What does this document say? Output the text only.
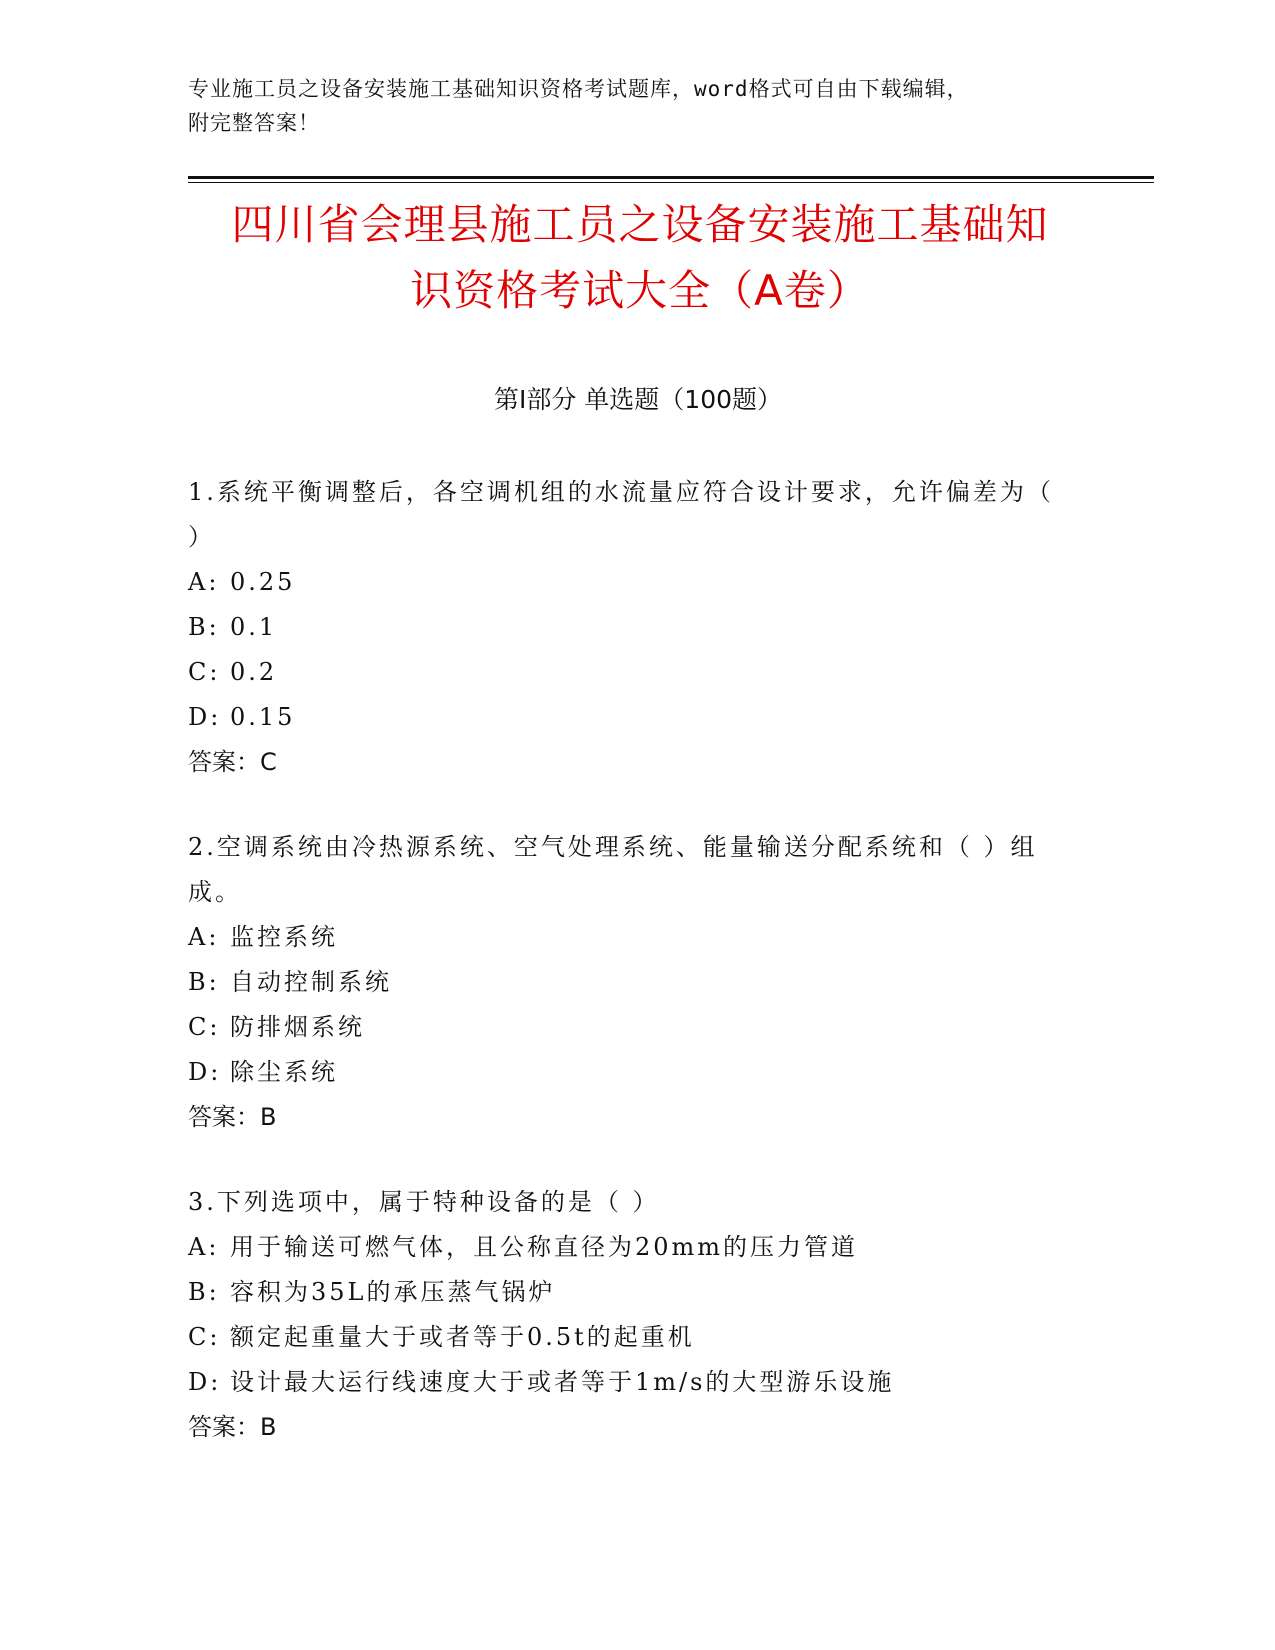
专业施工员之设备安装施工基础知识资格考试题库，word格式可自由下载编辑，
附完整答案！
四川省会理县施工员之设备安装施工基础知
识资格考试大全（A卷）
第Ⅰ部分 单选题（100题）
1.系统平衡调整后，各空调机组的水流量应符合设计要求，允许偏差为（ ）
A: 0.25
B: 0.1
C: 0.2
D: 0.15
答案：C
2.空调系统由冷热源系统、空气处理系统、能量输送分配系统和（ ）组成。
A: 监控系统
B: 自动控制系统
C: 防排烟系统
D: 除尘系统
答案：B
3.下列选项中，属于特种设备的是（ ）
A: 用于输送可燃气体，且公称直径为20mm的压力管道
B: 容积为35L的承压蒸气锅炉
C: 额定起重量大于或者等于0.5t的起重机
D: 设计最大运行线速度大于或者等于1m/s的大型游乐设施
答案：B
